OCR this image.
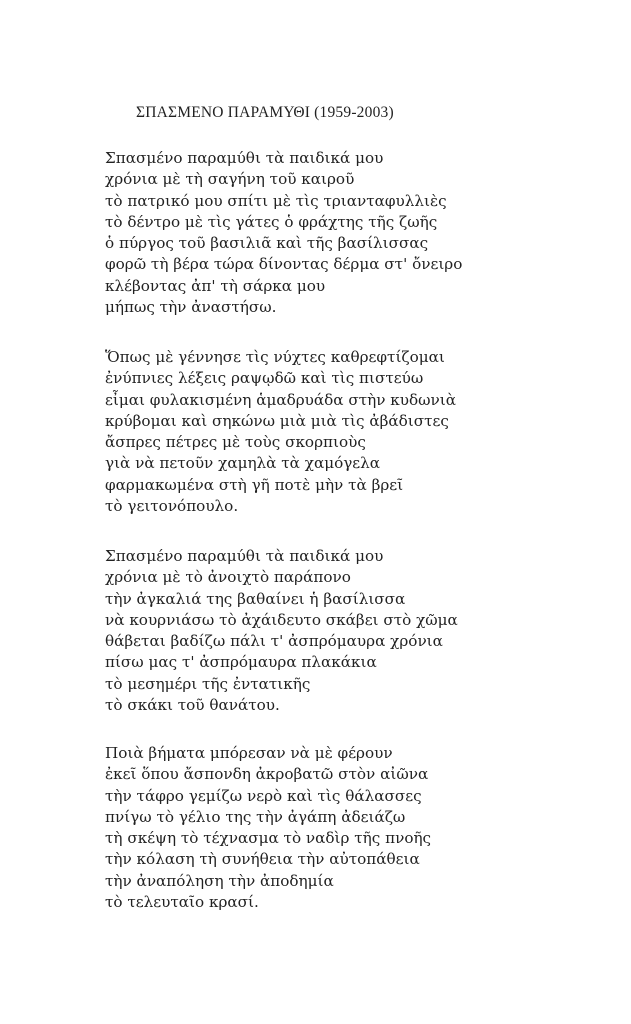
ΣΠΑΣΜΕΝΟ ΠΑΡΑΜΥΘΙ (1959-2003)
Σπασμένο παραμύθι τὰ παιδικά μου
χρόνια μὲ τὴ σαγήνη τοῦ καιροῦ
τὸ πατρικό μου σπίτι μὲ τὶς τριανταφυλλιὲς
τὸ δέντρο μὲ τὶς γάτες ὁ φράχτης τῆς ζωῆς
ὁ πύργος τοῦ βασιλιᾶ καὶ τῆς βασίλισσας
φορῶ τὴ βέρα τώρα δίνοντας δέρμα στ' ὄνειρο
κλέβοντας ἀπ' τὴ σάρκα μου
μήπως τὴν ἀναστήσω.
Ὅπως μὲ γέννησε τὶς νύχτες καθρεφτίζομαι
ἐνύπνιες λέξεις ραψῳδῶ καὶ τὶς πιστεύω
εἶμαι φυλακισμένη ἁμαδρυάδα στὴν κυδωνιὰ
κρύβομαι καὶ σηκώνω μιὰ μιὰ τὶς ἀβάδιστες
ἄσπρες πέτρες μὲ τοὺς σκορπιοὺς
γιὰ νὰ πετοῦν χαμηλὰ τὰ χαμόγελα
φαρμακωμένα στὴ γῆ ποτὲ μὴν τὰ βρεῖ
τὸ γειτονόπουλο.
Σπασμένο παραμύθι τὰ παιδικά μου
χρόνια μὲ τὸ ἀνοιχτὸ παράπονο
τὴν ἀγκαλιά της βαθαίνει ἡ βασίλισσα
νὰ κουρνιάσω τὸ ἀχάιδευτο σκάβει στὸ χῶμα
θάβεται βαδίζω πάλι τ' ἀσπρόμαυρα χρόνια
πίσω μας τ' ἀσπρόμαυρα πλακάκια
τὸ μεσημέρι τῆς ἐντατικῆς
τὸ σκάκι τοῦ θανάτου.
Ποιὰ βήματα μπόρεσαν νὰ μὲ φέρουν
ἐκεῖ ὅπου ἄσπονδη ἀκροβατῶ στὸν αἰῶνα
τὴν τάφρο γεμίζω νερὸ καὶ τὶς θάλασσες
πνίγω τὸ γέλιο της τὴν ἀγάπη ἀδειάζω
τὴ σκέψη τὸ τέχνασμα τὸ ναδὶρ τῆς πνοῆς
τὴν κόλαση τὴ συνήθεια τὴν αὐτοπάθεια
τὴν ἀναπόληση τὴν ἀποδημία
τὸ τελευταῖο κρασί.
